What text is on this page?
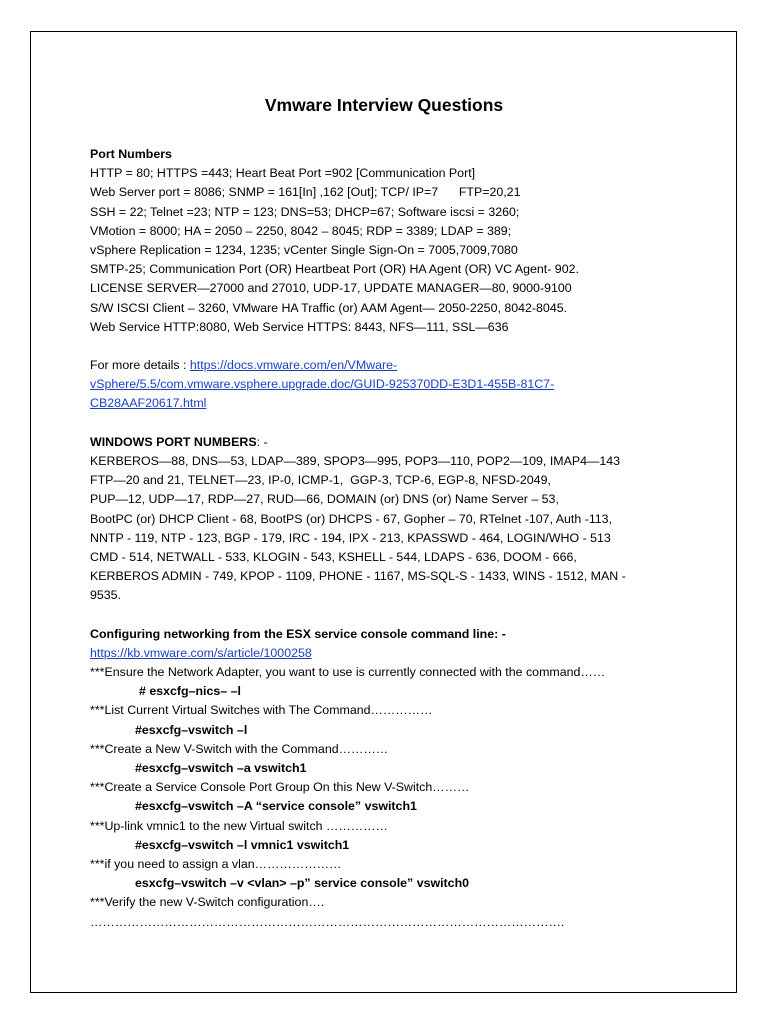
Vmware Interview Questions
Port Numbers
HTTP = 80; HTTPS =443; Heart Beat Port =902 [Communication Port]
Web Server port = 8086; SNMP = 161[In] ,162 [Out]; TCP/ IP=7      FTP=20,21
SSH = 22; Telnet =23; NTP = 123; DNS=53; DHCP=67; Software iscsi = 3260;
VMotion = 8000; HA = 2050 – 2250, 8042 – 8045; RDP = 3389; LDAP = 389;
vSphere Replication = 1234, 1235; vCenter Single Sign-On = 7005,7009,7080
SMTP-25; Communication Port (OR) Heartbeat Port (OR) HA Agent (OR) VC Agent- 902.
LICENSE SERVER—27000 and 27010, UDP-17, UPDATE MANAGER—80, 9000-9100
S/W ISCSI Client – 3260, VMware HA Traffic (or) AAM Agent— 2050-2250, 8042-8045.
Web Service HTTP:8080, Web Service HTTPS: 8443, NFS—111, SSL—636
For more details : https://docs.vmware.com/en/VMware-
vSphere/5.5/com.vmware.vsphere.upgrade.doc/GUID-925370DD-E3D1-455B-81C7-
CB28AAF20617.html
WINDOWS PORT NUMBERS: -
KERBEROS—88, DNS—53, LDAP—389, SPOP3—995, POP3—110, POP2—109, IMAP4—143
FTP—20 and 21, TELNET—23, IP-0, ICMP-1,  GGP-3, TCP-6, EGP-8, NFSD-2049,
PUP—12, UDP—17, RDP—27, RUD—66, DOMAIN (or) DNS (or) Name Server – 53,
BootPC (or) DHCP Client - 68, BootPS (or) DHCPS - 67, Gopher – 70, RTelnet -107, Auth -113,
NNTP - 119, NTP - 123, BGP - 179, IRC - 194, IPX - 213, KPASSWD - 464, LOGIN/WHO - 513
CMD - 514, NETWALL - 533, KLOGIN - 543, KSHELL - 544, LDAPS - 636, DOOM - 666,
KERBEROS ADMIN - 749, KPOP - 1109, PHONE - 1167, MS-SQL-S - 1433, WINS - 1512, MAN -
9535.
Configuring networking from the ESX service console command line: -
https://kb.vmware.com/s/article/1000258
***Ensure the Network Adapter, you want to use is currently connected with the command……
# esxcfg–nics– –l
***List Current Virtual Switches with The Command……………
#esxcfg–vswitch –l
***Create a New V-Switch with the Command…………
#esxcfg–vswitch –a vswitch1
***Create a Service Console Port Group On this New V-Switch………
#esxcfg–vswitch –A “service console” vswitch1
***Up-link vmnic1 to the new Virtual switch ……………
#esxcfg–vswitch –l vmnic1 vswitch1
***if you need to assign a vlan…………………
esxcfg–vswitch –v <vlan> –p” service console” vswitch0
***Verify the new V-Switch configuration….
…………………………………………………………………………………………………….
